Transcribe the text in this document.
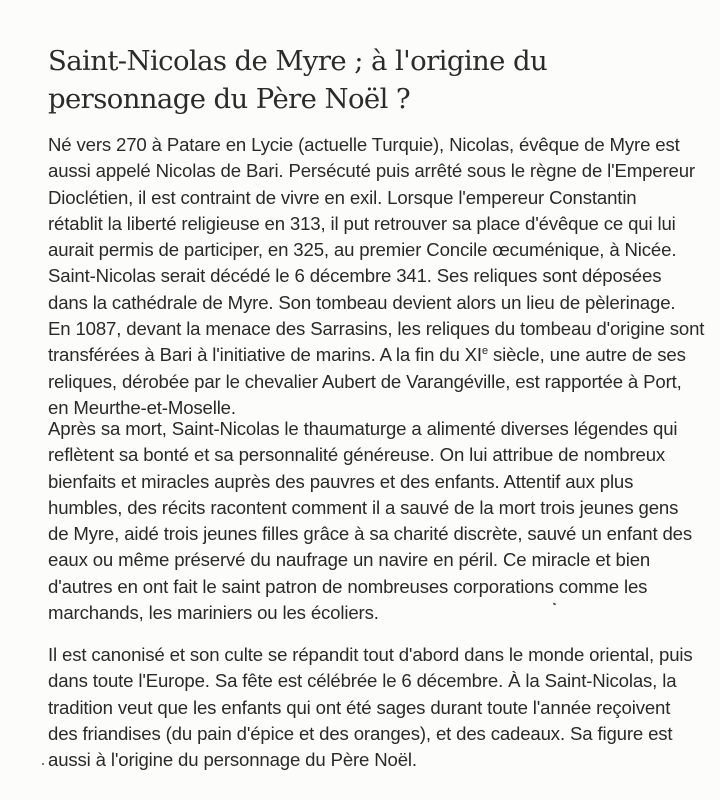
Saint-Nicolas de Myre ; à l'origine du
personnage du Père Noël ?
Né vers 270 à Patare en Lycie (actuelle Turquie), Nicolas, évêque de Myre est
aussi appelé Nicolas de Bari. Persécuté puis arrêté sous le règne de l'Empereur
Dioclétien, il est contraint de vivre en exil. Lorsque l'empereur Constantin
rétablit la liberté religieuse en 313, il put retrouver sa place d'évêque ce qui lui
aurait permis de participer, en 325, au premier Concile œcuménique, à Nicée.
Saint-Nicolas serait décédé le 6 décembre 341. Ses reliques sont déposées
dans la cathédrale de Myre. Son tombeau devient alors un lieu de pèlerinage.
En 1087, devant la menace des Sarrasins, les reliques du tombeau d'origine sont
transférées à Bari à l'initiative de marins. A la fin du XIe siècle, une autre de ses
reliques, dérobée par le chevalier Aubert de Varangéville, est rapportée à Port,
en Meurthe-et-Moselle.
Après sa mort, Saint-Nicolas le thaumaturge a alimenté diverses légendes qui
reflètent sa bonté et sa personnalité généreuse. On lui attribue de nombreux
bienfaits et miracles auprès des pauvres et des enfants. Attentif aux plus
humbles, des récits racontent comment il a sauvé de la mort trois jeunes gens
de Myre, aidé trois jeunes filles grâce à sa charité discrète, sauvé un enfant des
eaux ou même préservé du naufrage un navire en péril. Ce miracle et bien
d'autres en ont fait le saint patron de nombreuses corporations comme les
marchands, les mariniers ou les écoliers.
Il est canonisé et son culte se répandit tout d'abord dans le monde oriental, puis
dans toute l'Europe. Sa fête est célébrée le 6 décembre. À la Saint-Nicolas, la
tradition veut que les enfants qui ont été sages durant toute l'année reçoivent
des friandises (du pain d'épice et des oranges), et des cadeaux. Sa figure est
aussi à l'origine du personnage du Père Noël.
